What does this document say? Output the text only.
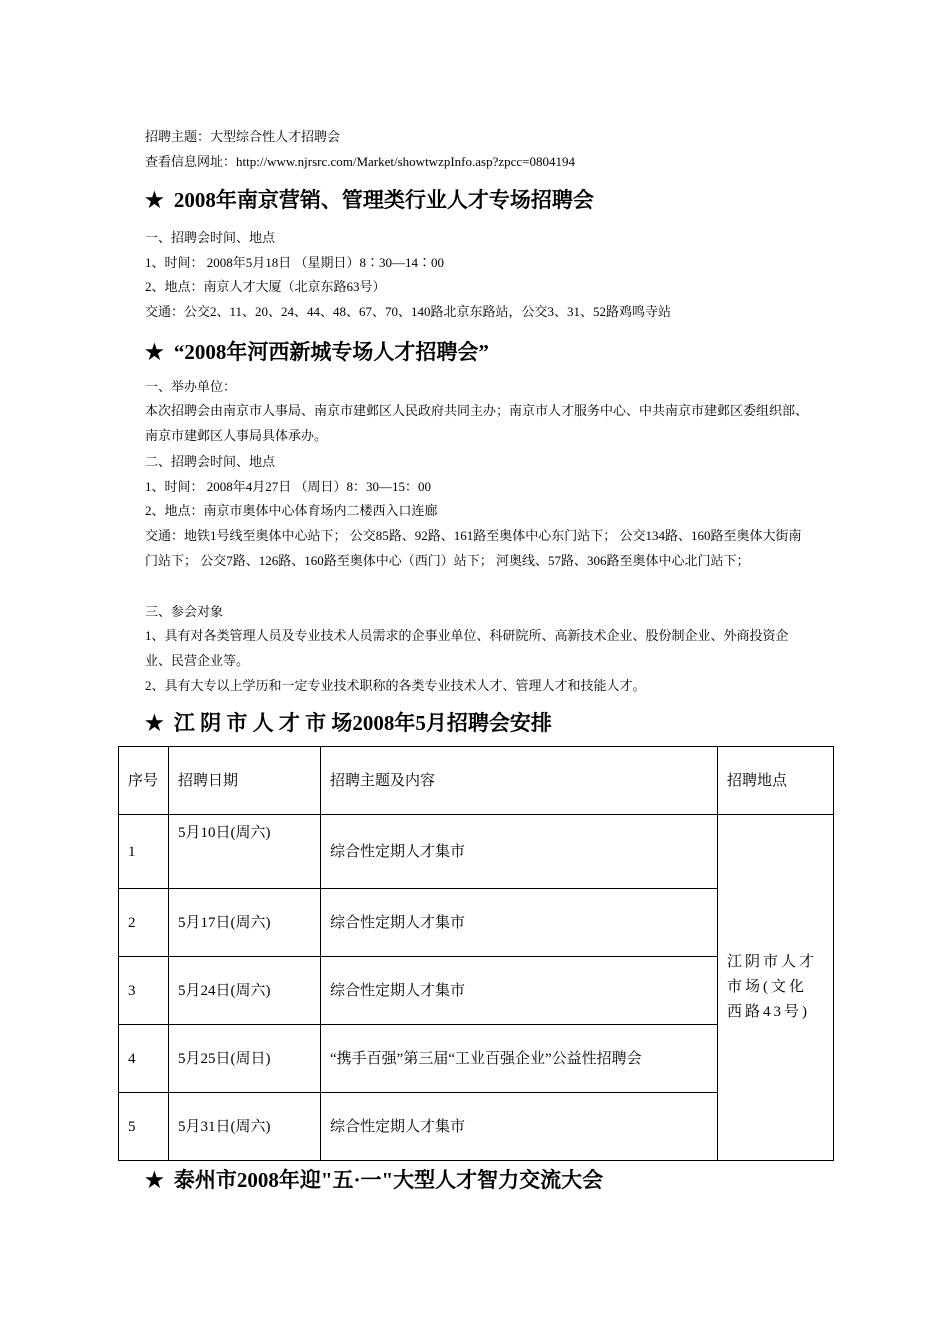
招聘主题：大型综合性人才招聘会
查看信息网址：http://www.njrsrc.com/Market/showtwzpInfo.asp?zpcc=0804194
★ 2008年南京营销、管理类行业人才专场招聘会
一、招聘会时间、地点
1、时间： 2008年5月18日 （星期日）8∶30—14∶00
2、地点：南京人才大厦（北京东路63号）
交通：公交2、11、20、24、44、48、67、70、140路北京东路站，公交3、31、52路鸡鸣寺站
★ “2008年河西新城专场人才招聘会”
一、举办单位：
本次招聘会由南京市人事局、南京市建邺区人民政府共同主办；南京市人才服务中心、中共南京市建邺区委组织部、南京市建邺区人事局具体承办。
二、招聘会时间、地点
1、时间： 2008年4月27日 （周日）8：30—15：00
2、地点：南京市奥体中心体育场内二楼西入口连廊
交通：地铁1号线至奥体中心站下； 公交85路、92路、161路至奥体中心东门站下； 公交134路、160路至奥体大街南门站下； 公交7路、126路、160路至奥体中心（西门）站下； 河奥线、57路、306路至奥体中心北门站下；
三、参会对象
1、具有对各类管理人员及专业技术人员需求的企事业单位、科研院所、高新技术企业、股份制企业、外商投资企业、民营企业等。
2、具有大专以上学历和一定专业技术职称的各类专业技术人才、管理人才和技能人才。
★ 江 阴 市 人 才 市 场2008年5月招聘会安排
序号	招聘日期	招聘主题及内容	招聘地点
1	5月10日(周六)	综合性定期人才集市	江阴市人才市场(文化西路43号)
2	5月17日(周六)	综合性定期人才集市	
3	5月24日(周六)	综合性定期人才集市	
4	5月25日(周日)	“携手百强”第三届“工业百强企业”公益性招聘会	
5	5月31日(周六)	综合性定期人才集市	
★ 泰州市2008年迎"五·一"大型人才智力交流大会
